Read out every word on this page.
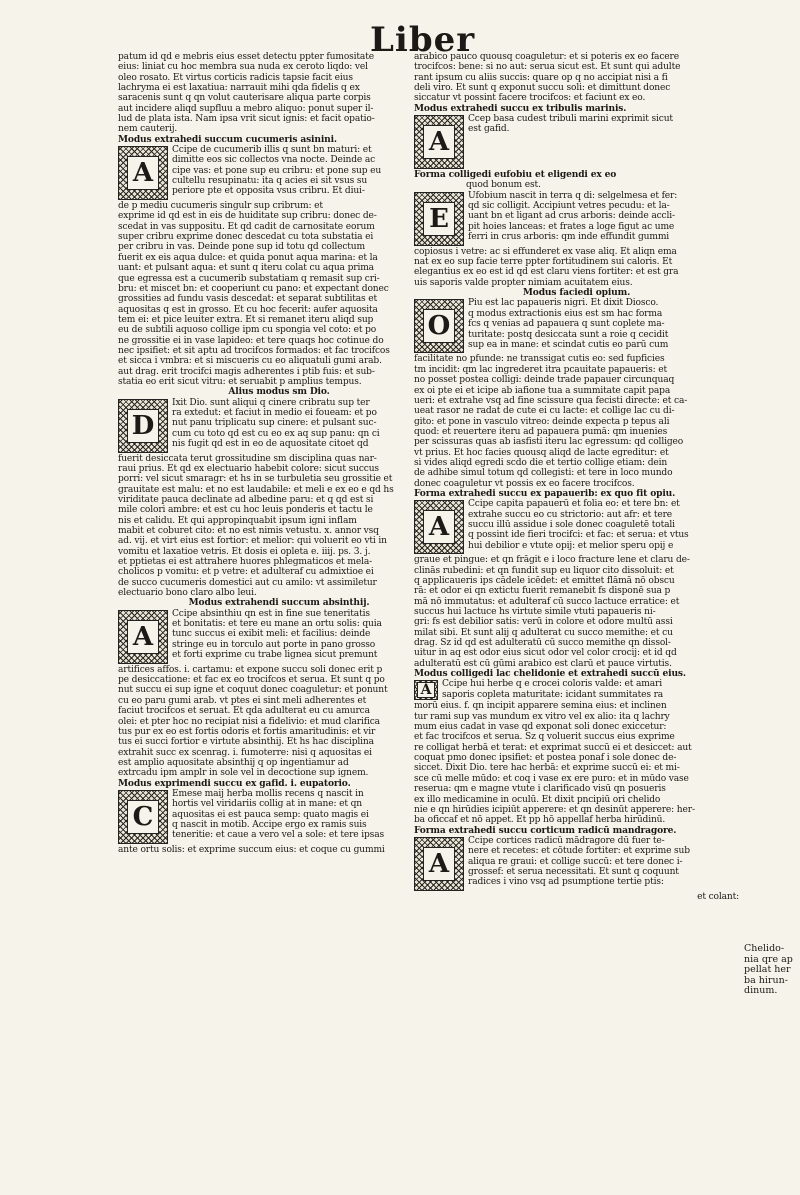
Liber
patum id qd e mebris eius esset detectu ppter fumositate
eius: liniat cu hoc membra sua nuda ex ceroto liqdo: vel
oleo rosato. Et virtus corticis radicis tapsie facit eius
lachryma ei est laxatiua: narrauit mihi qda fidelis q ex
saracenis sunt q qn volut cauterisare aliqua parte corpis
aut incidere aliqd supfluu a mebro aliquo: ponut super il-
lud de plata ista. Nam ipsa vrit sicut ignis: et facit opatio-
nem cauterij.
Modus extrahedi succum cucumeris asinini.
A
Ccipe de cucumerib illis q sunt bn maturi: et
dimitte eos sic collectos vna nocte. Deinde ac
cipe vas: et pone sup eu cribru: et pone sup eu
cultellu resupinatu: ita q acies ei sit vsus su
periore pte et opposita vsus cribru. Et diui-
de p mediu cucumeris singulr sup cribrum: et
exprime id qd est in eis de huiditate sup cribru: donec de-
scedat in vas suppositu. Et qd cadit de carnositate eorum
super cribru exprime donec descedat cu tota substatia ei
per cribru in vas. Deinde pone sup id totu qd collectum
fuerit ex eis aqua dulce: et quida ponut aqua marina: et la
uant: et pulsant aqua: et sunt q iteru colat cu aqua prima
que egressa est a cucumerib substatiam q remasit sup cri-
bru: et miscet bn: et cooperiunt cu pano: et expectant donec
grossities ad fundu vasis descedat: et separat subtilitas et
aquositas q est in grosso. Et cu hoc fecerit: aufer aquosita
tem ei: et pice leuiter extra. Et si remanet iteru aliqd sup
eu de subtili aquoso collige ipm cu spongia vel coto: et po
ne grossitie ei in vase lapideo: et tere quaqs hoc cotinue do
nec ipsifiet: et sit aptu ad trocifcos formados: et fac trocifcos
et sicca i vmbra: et si miscueris cu eo aliquatuli gumi arab.
aut drag. erit trocifci magis adherentes i ptib fuis: et sub-
statia eo erit sicut vitru: et seruabit p amplius tempus.
Alius modus sm Dio.
D
Ixit Dio. sunt aliqui q cinere cribratu sup ter
ra extedut: et faciut in medio ei foueam: et po
nut panu triplicatu sup cinere: et pulsant suc-
cum cu toto qd est cu eo ex aq sup panu: qn ci
nis fugit qd est in eo de aquositate citoet qd
fuerit desiccata terut grossitudine sm disciplina quas nar-
raui prius. Et qd ex electuario habebit colore: sicut succus
porri: vel sicut smaragr: et hs in se turbuletia seu grossitie et
grauitate est malu: et no est laudabile: et meli e ex eo e qd hs
viriditate pauca declinate ad albedine paru: et q qd est si
mile colori ambre: et est cu hoc leuis ponderis et tactu le
nis et calidu. Et qui appropinquabit ipsum igni inflam
mabit et coburet cito: et no est nimis vetustu. x. annor vsq
ad. vij. et virt eius est fortior: et melior: qui voluerit eo vti in
vomitu et laxatioe vetris. Et dosis ei opleta e. iiij. ps. 3. j.
et pptietas ei est attrahere huores phlegmaticos et mela-
cholicos p vomitu: et p vetre: et adulteraf cu admixtioe ei
de succo cucumeris domestici aut cu amilo: vt assimiletur
electuario bono claro albo leui.
Modus extrahendi succum absinthij.
A
Ccipe absinthiu qn est in fine sue teneritatis
et bonitatis: et tere eu mane an ortu solis: quia
tunc succus ei exibit meli: et facilius: deinde
stringe eu in torculo aut porte in pano grosso
et forti exprime cu trabe lignea sicut premunt
artifices affos. i. cartamu: et expone succu soli donec erit p
pe desiccatione: et fac ex eo trocifcos et serua. Et sunt q po
nut succu ei sup igne et coquut donec coaguletur: et ponunt
cu eo paru gumi arab. vt ptes ei sint meli adherentes et
faciut trocifcos et seruat. Et qda adulterat eu cu amurca
olei: et pter hoc no recipiat nisi a fidelivio: et mud clarifica
tus pur ex eo est fortis odoris et fortis amaritudinis: et vir
tus ei succi fortior e virtute absinthij. Et hs hac disciplina
extrahit succ ex scenrag. i. fumoterre: nisi q aquositas ei
est amplio aquositate absinthij q op ingentiamur ad
extrcadu ipm amplr in sole vel in decoctione sup ignem.
Modus exprimendi succu ex gafid. i. eupatorio.
C
Emese maij herba mollis recens q nascit in
hortis vel viridariis collig at in mane: et qn
aquositas ei est pauca semp: quato magis ei
q nascit in motib. Accipe ergo ex ramis suis
teneritie: et caue a vero vel a sole: et tere ipsas
ante ortu solis: et exprime succum eius: et coque cu gummi
arabico pauco quousq coaguletur: et si poteris ex eo facere
trocifcos: bene: si no aut: serua sicut est. Et sunt qui adulte
rant ipsum cu aliis succis: quare op q no accipiat nisi a fi
deli viro. Et sunt q exponut succu soli: et dimittunt donec
siccatur vt possint facere trocifcos: et faciunt ex eo.
Modus extrahedi succu ex tribulis marinis.
A
Ccep basa cudest tribuli marini exprimit sicut
est gafid.
Forma colligedi eufobiu et eligendi ex eo
quod bonum est.
E
Ufobium nascit in terra q di: selgelmesa et fer:
qd sic colligit. Accipiunt vetres pecudu: et la-
uant bn et ligant ad crus arboris: deinde accli-
pit hoies lanceas: et frates a loge figut ac ume
ferri in crus arboris: qm inde effundit gummi
copiosus i vetre: ac si effunderet ex vase aliq. Et aliqn ema
nat ex eo sup facie terre ppter fortitudinem sui caloris. Et
elegantius ex eo est id qd est claru viens fortiter: et est gra
uis saporis valde propter nimiam acuitatem eius.
Modus faciedi opium.
O
Piu est lac papaueris nigri. Et dixit Diosco.
q modus extractionis eius est sm hac forma
fcs q venias ad papauera q sunt coplete ma-
turitate: postq desiccata sunt a roie q cecidit
sup ea in mane: et scindat cutis eo parū cum
facilitate no pfunde: ne transsigat cutis eo: sed fupficies
tm incidit: qm lac ingrederet itra pcauitate papaueris: et
no posset postea colligi: deinde trade papauer circunquaq
ex oi pte ei et icipe ab iafione tua a summitate capit papa
ueri: et extrahe vsq ad fine scissure qua fecisti directe: et ca-
ueat rasor ne radat de cute ei cu lacte: et collige lac cu di-
gito: et pone in vasculo vitreo: deinde expecta p tepus ali
quod: et reuertere iteru ad papauera pumā: qm inuenies
per scissuras quas ab iasfisti iteru lac egressum: qd colligeo
vt prius. Et hoc facies quousq aliqd de lacte egreditur: et
si vides aliqd egredi scdo die et tertio collige etiam: dein
de adhibe simul totum qd collegisti: et tere in loco mundo
donec coaguletur vt possis ex eo facere trocifcos.
Forma extrahedi succu ex papauerib: ex quo fit opiu.
A
Ccipe capita papauerū et folia eo: et tere bn: et
extrahe succu eo cu strictorio: aut afr: et tere
succu illū assidue i sole donec coaguletē totali
q possint ide fieri trocifci: et fac: et serua: et vtus
hui debilior e vtute opij: et melior speru opij e
graue et pingue: et qn frāgit e i loco fracture lene et claru de-
clinās rubedini: et qn fundit sup eu liquor cito dissoluit: et
q applicaueris ips cādele icēdet: et emittet flāmā nō obscu
rā: et odor ei qn extictu fuerit remanebit fs disponē sua p
mā nō immutatus: et adulteraf cū succo lactuce erratice: et
succus hui lactuce hs virtute simile vtuti papaueris ni-
gri: fs est debilior satis: verū in colore et odore multū assi
milat sibi. Et sunt alij q adulterat cu succo memithe: et cu
drag. Sz id qd est adulteratū cū succo memithe qn dissol-
uitur in aq est odor eius sicut odor vel color crocij: et id qd
adulteratū est cū gūmi arabico est clarū et pauce virtutis.
Modus colligedi lac chelidonie et extrahedi succū eius.
A	Ccipe hui herbe q e crocei coloris valde: et amari
saporis copleta maturitate: icidant summitates ra
morū eius. f. qn incipit apparere semina eius: et inclinen
tur rami sup vas mundum ex vitro vel ex alio: ita q lachry
mum eius cadat in vase qd exponat soli donec exiccetur:
et fac trocifcos et serua. Sz q voluerit succus eius exprime
re colligat herbā et terat: et exprimat succū ei et desiccet: aut
coquat pmo donec ipsifiet: et postea ponaf i sole donec de-
siccet. Dixit Dio. tere hac herbā: et exprime succū ei: et mi-
sce cū melle mūdo: et coq i vase ex ere puro: et in mūdo vase
reserua: qm e magne vtute i clarificado visū qn posueris
ex illo medicamine in oculū. Et dixit pncipiū ori chelido
nie e qn hirūdies icipiūt apperere: et qn desinūt apperere: her-
ba oficcaf et nō appet. Et pp hō appellaf herba hirūdinū.
Forma extrahedi succu corticum radicū mandragore.
A
Ccipe cortices radicū mādragore dū fuer te-
nere et recetes: et cōtude fortiter: et exprime sub
aliqua re graui: et collige succū: et tere donec i-
grossef: et serua necessitati. Et sunt q coquunt
radices i vino vsq ad psumptione tertie ptis:
et colant:
Chelido-
nia qre ap
pellat her
ba hirun-
dinum.
